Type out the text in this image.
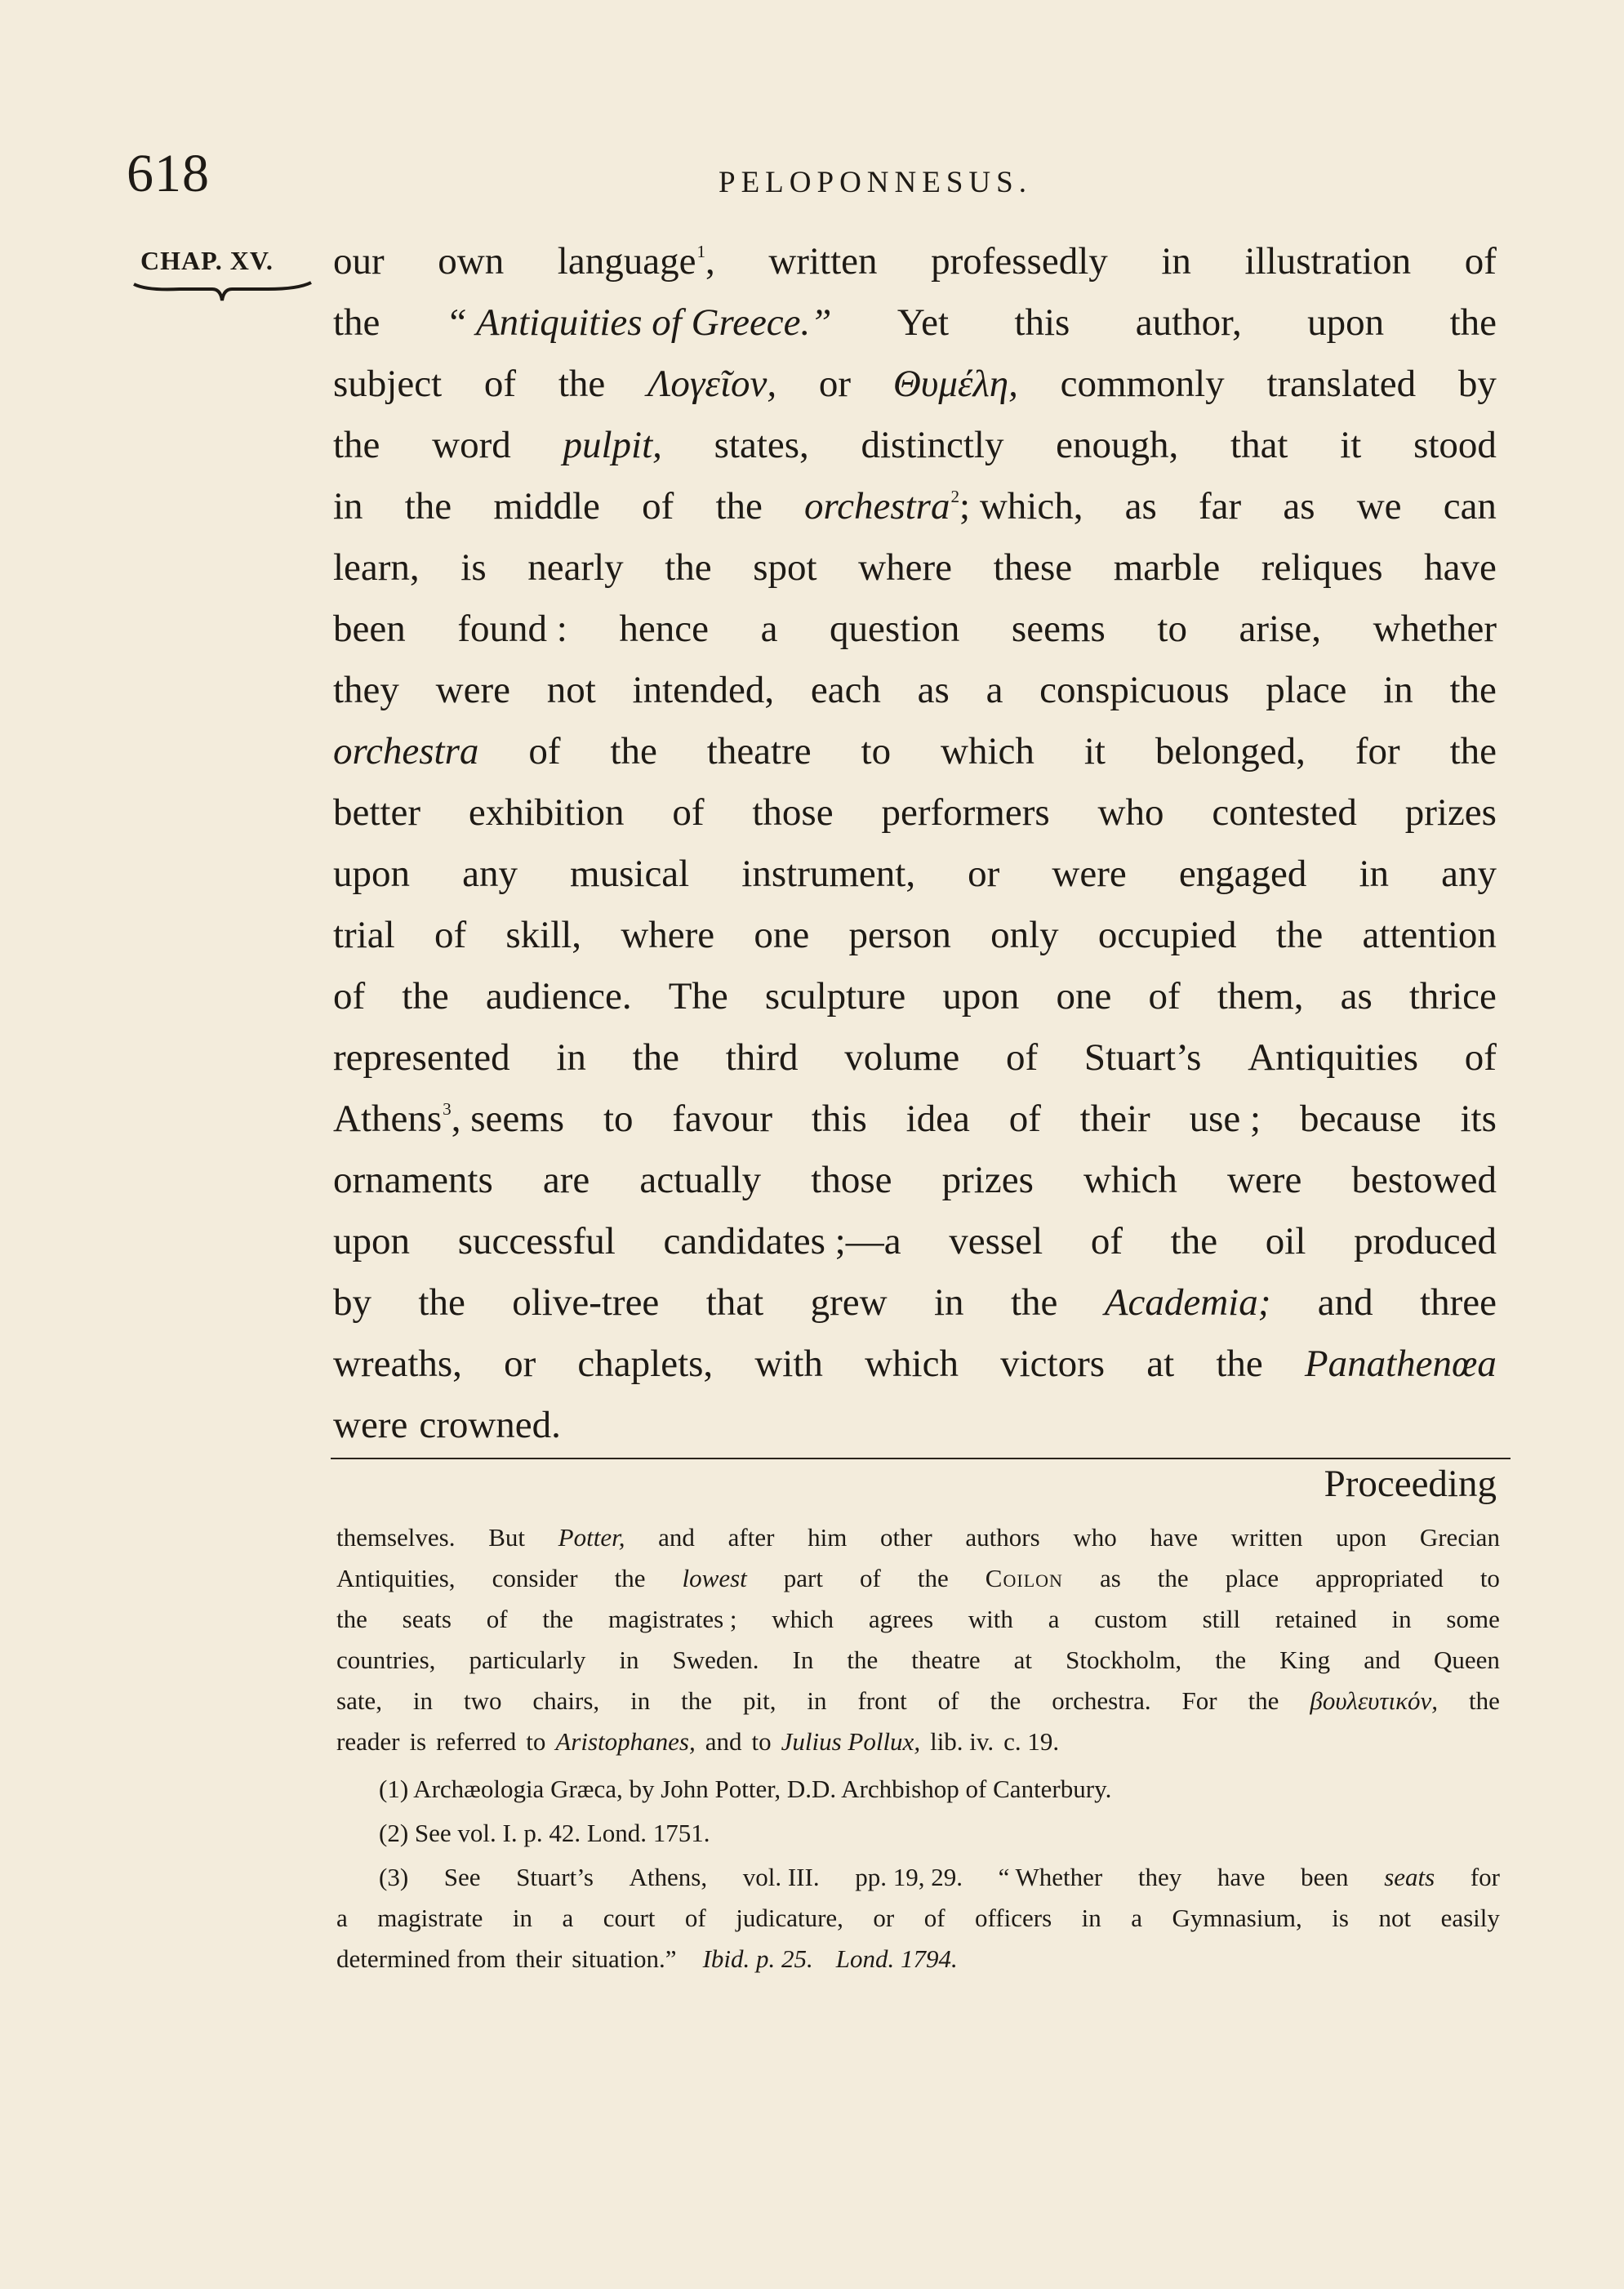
618	PELOPONNESUS.
CHAP. XV. our own language$^1$, written professedly in illustration of
the “ Antiquities of Greece.” Yet this author, upon the
subject of the Λογεῖον, or Θυμέλη, commonly translated by
the word pulpit, states, distinctly enough, that it stood
in the middle of the orchestra$^2$; which, as far as we can
learn, is nearly the spot where these marble reliques have
been found : hence a question seems to arise, whether
they were not intended, each as a conspicuous place in the
orchestra of the theatre to which it belonged, for the
better exhibition of those performers who contested prizes
upon any musical instrument, or were engaged in any
trial of skill, where one person only occupied the attention
of the audience. The sculpture upon one of them, as thrice
represented in the third volume of Stuart’s Antiquities of
Athens$^3$, seems to favour this idea of their use ; because its
ornaments are actually those prizes which were bestowed
upon successful candidates ;—a vessel of the oil produced
by the olive-tree that grew in the Academia; and three
wreaths, or chaplets, with which victors at the Panathenœa
were crowned.
Proceeding
themselves. But Potter, and after him other authors who have written upon Grecian
Antiquities, consider the lowest part of the Coilon as the place appropriated to
the seats of the magistrates ; which agrees with a custom still retained in some
countries, particularly in Sweden. In the theatre at Stockholm, the King and Queen
sate, in two chairs, in the pit, in front of the orchestra. For the βουλευτικόν, the
reader is referred to Aristophanes, and to Julius Pollux, lib. iv. c. 19.
(1) Archæologia Græca, by John Potter, D.D. Archbishop of Canterbury.
(2) See vol. I. p. 42. Lond. 1751.
(3) See Stuart’s Athens, vol. III. pp. 19, 29. “ Whether they have been seats for
a magistrate in a court of judicature, or of officers in a Gymnasium, is not easily
determined from their situation.” Ibid. p. 25. Lond. 1794.
